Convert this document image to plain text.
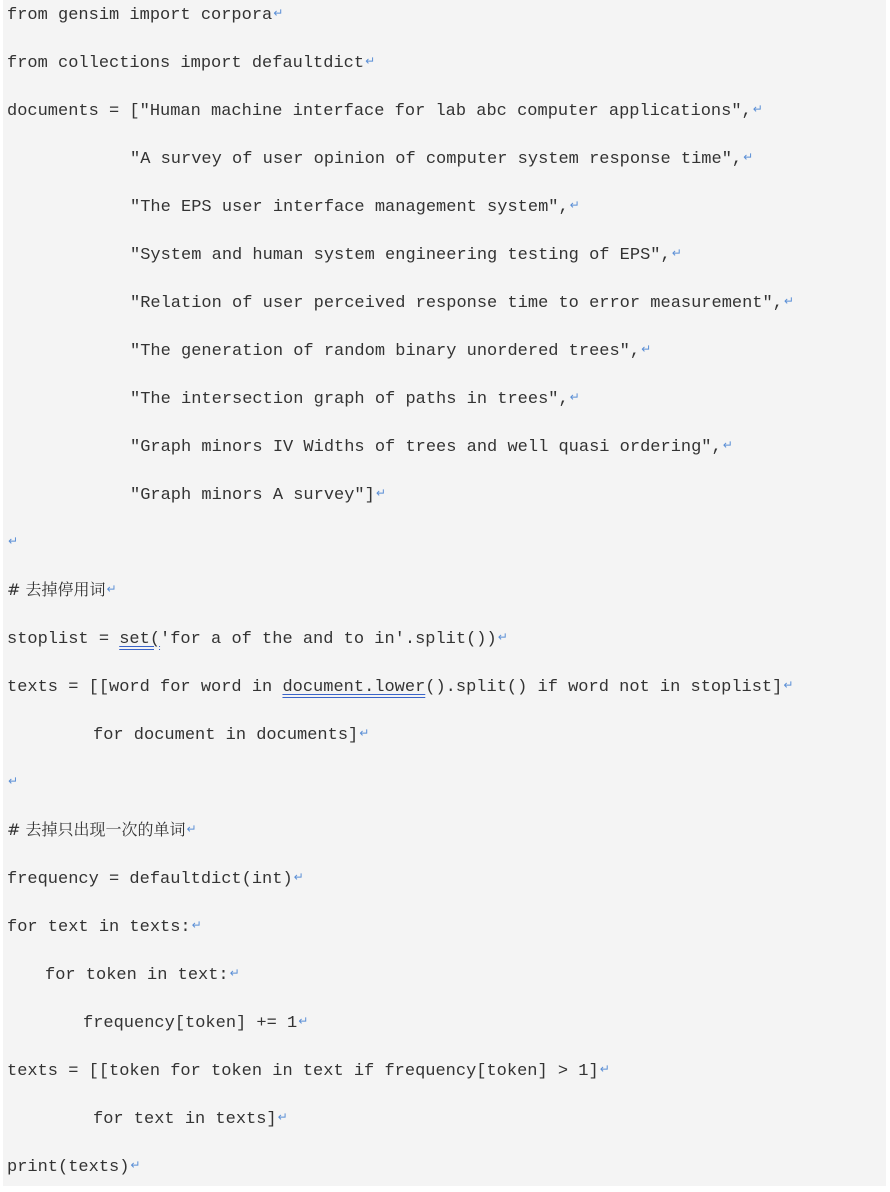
from gensim import corpora↵
from collections import defaultdict↵
documents = ["Human machine interface for lab abc computer applications",↵
"A survey of user opinion of computer system response time",↵
"The EPS user interface management system",↵
"System and human system engineering testing of EPS",↵
"Relation of user perceived response time to error measurement",↵
"The generation of random binary unordered trees",↵
"The intersection graph of paths in trees",↵
"Graph minors IV Widths of trees and well quasi ordering",↵
"Graph minors A survey"]↵
↵
# 去掉停用词↵
stoplist = set('for a of the and to in'.split())↵
texts = [[word for word in document.lower().split() if word not in stoplist]↵
for document in documents]↵
↵
# 去掉只出现一次的单词↵
frequency = defaultdict(int)↵
for text in texts:↵
for token in text:↵
frequency[token] += 1↵
texts = [[token for token in text if frequency[token] > 1]↵
for text in texts]↵
print(texts)↵
